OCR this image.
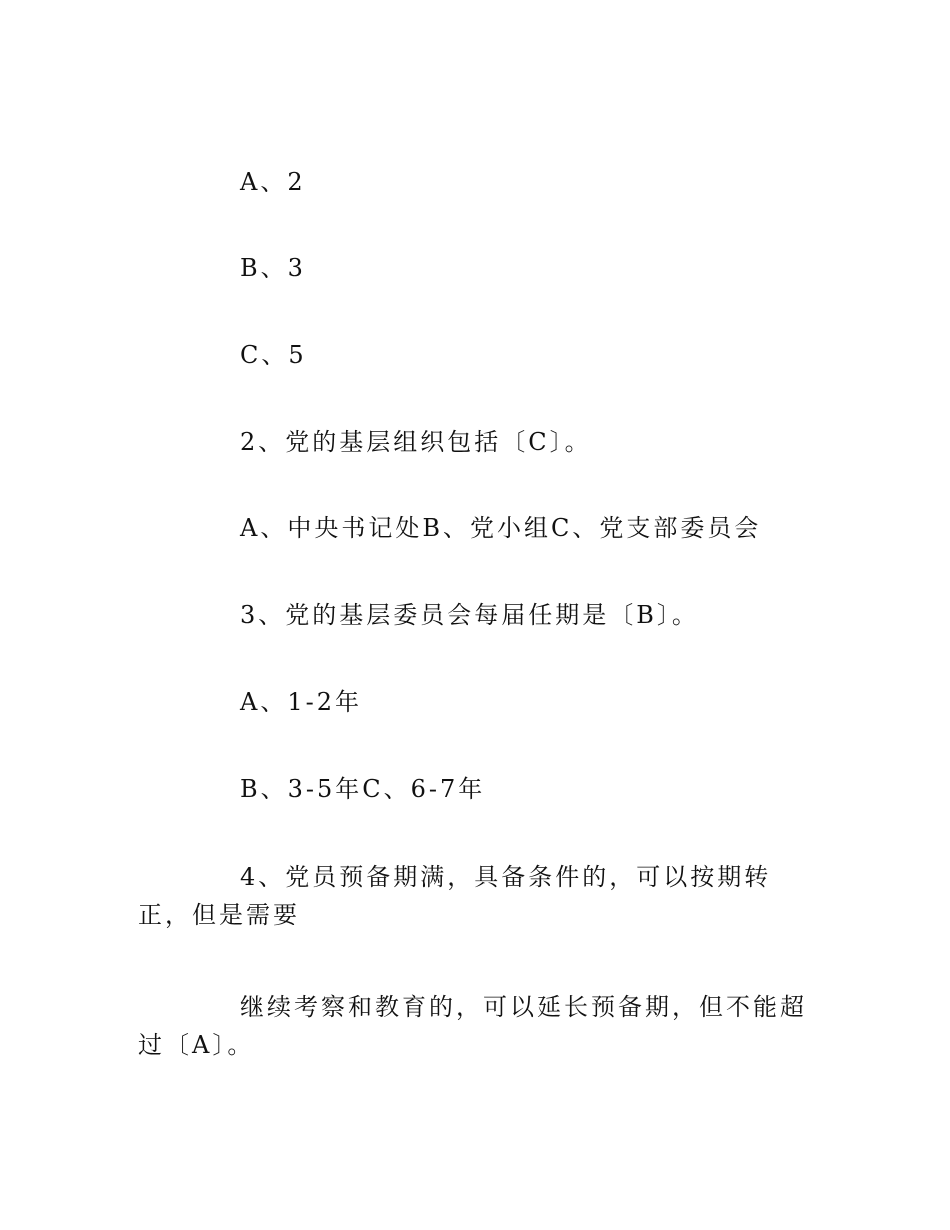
A、2
B、3
C、5
2、党的基层组织包括〔C〕。
A、中央书记处B、党小组C、党支部委员会
3、党的基层委员会每届任期是〔B〕。
A、1-2年
B、3-5年C、6-7年
4、党员预备期满，具备条件的，可以按期转正，但是需要
继续考察和教育的，可以延长预备期，但不能超过〔A〕。
